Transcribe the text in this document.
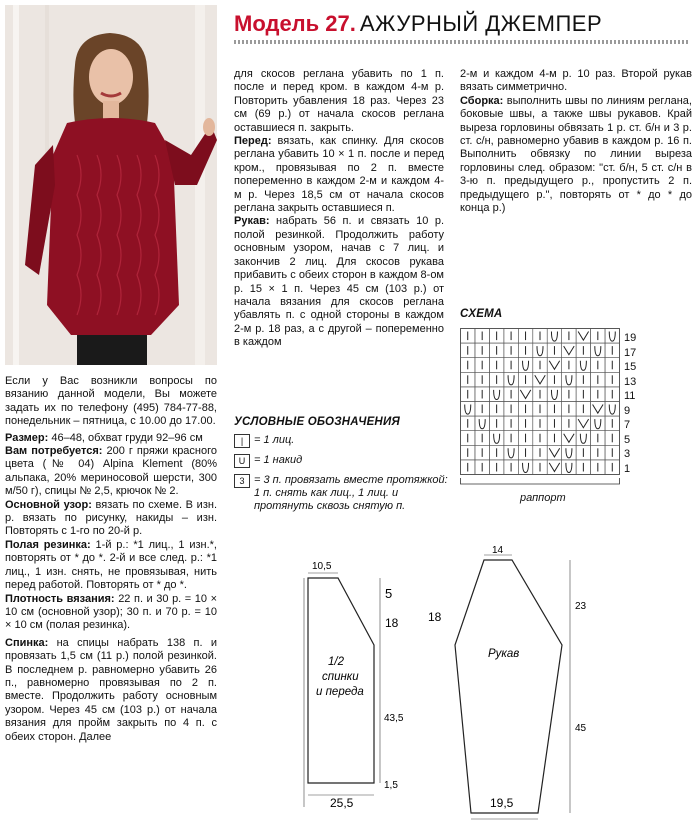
Модель 27. АЖУРНЫЙ ДЖЕМПЕР

Если у Вас возникли вопросы по вязанию данной модели, Вы можете задать их по телефону (495) 784-77-88, понедельник – пятница, с 10.00 до 17.00.

Размер: 46–48, обхват груди 92–96 см

Вам потребуется: 200 г пряжи красного цвета (№ 04) Alpina Klement (80% альпака, 20% мериносовой шерсти, 300 м/50 г), спицы № 2,5, крючок № 2.

Основной узор: вязать по схеме. В изн. р. вязать по рисунку, накиды – изн. Повторять с 1-го по 20-й р.

Полая резинка: 1-й р.: *1 лиц., 1 изн.*, повторять от * до *. 2-й и все след. р.: *1 лиц., 1 изн. снять, не провязывая, нить перед работой. Повторять от * до *.

Плотность вязания: 22 п. и 30 р. = 10 × 10 см (основной узор); 30 п. и 70 р. = 10 × 10 см (полая резинка).

Спинка: на спицы набрать 138 п. и провязать 1,5 см (11 р.) полой резинкой. В последнем р. равномерно убавить 26 п., равномерно провязывая по 2 п. вместе. Продолжить работу основным узором. Через 45 см (103 р.) от начала вязания для пройм закрыть по 4 п. с обеих сторон. Далее

для скосов реглана убавить по 1 п. после и перед кром. в каждом 4-м р. Повторить убавления 18 раз. Через 23 см (69 р.) от начала скосов реглана оставшиеся п. закрыть.

Перед: вязать, как спинку. Для скосов реглана убавить 10 × 1 п. после и перед кром., провязывая по 2 п. вместе попеременно в каждом 2-м и каждом 4-м р. Через 18,5 см от начала скосов реглана закрыть оставшиеся п.

Рукав: набрать 56 п. и связать 10 р. полой резинкой. Продолжить работу основным узором, начав с 7 лиц. и закончив 2 лиц. Для скосов рукава прибавить с обеих сторон в каждом 8-ом р. 15 × 1 п. Через 45 см (103 р.) от начала вязания для скосов реглана убавлять п. с одной стороны в каждом 2-м р. 18 раз, а с другой – попеременно в каждом

2-м и каждом 4-м р. 10 раз. Второй рукав вязать симметрично.

Сборка: выполнить швы по линиям реглана, боковые швы, а также швы рукавов. Край выреза горловины обвязать 1 р. ст. б/н и 3 р. ст. с/н, равномерно убавив в каждом р. 16 п. Выполнить обвязку по линии выреза горловины след. образом: "ст. б/н, 5 ст. с/н в 3-ю п. предыдущего р., пропустить 2 п. предыдущего р.", повторять от * до * до конца р.)

УСЛОВНЫЕ ОБОЗНАЧЕНИЯ
| = 1 лиц.
U = 1 накид
3 = 3 п. провязать вместе протяжкой: 1 п. снять как лиц., 1 лиц. и протянуть сквозь снятую п.
СХЕМА
19
17
15
13
11
9
7
5
3
1
раппорт
10,5
5
18 18
43,5
1,5
25,5
14
23
45
19,5
1/2
спинки
и переда
Рукав
